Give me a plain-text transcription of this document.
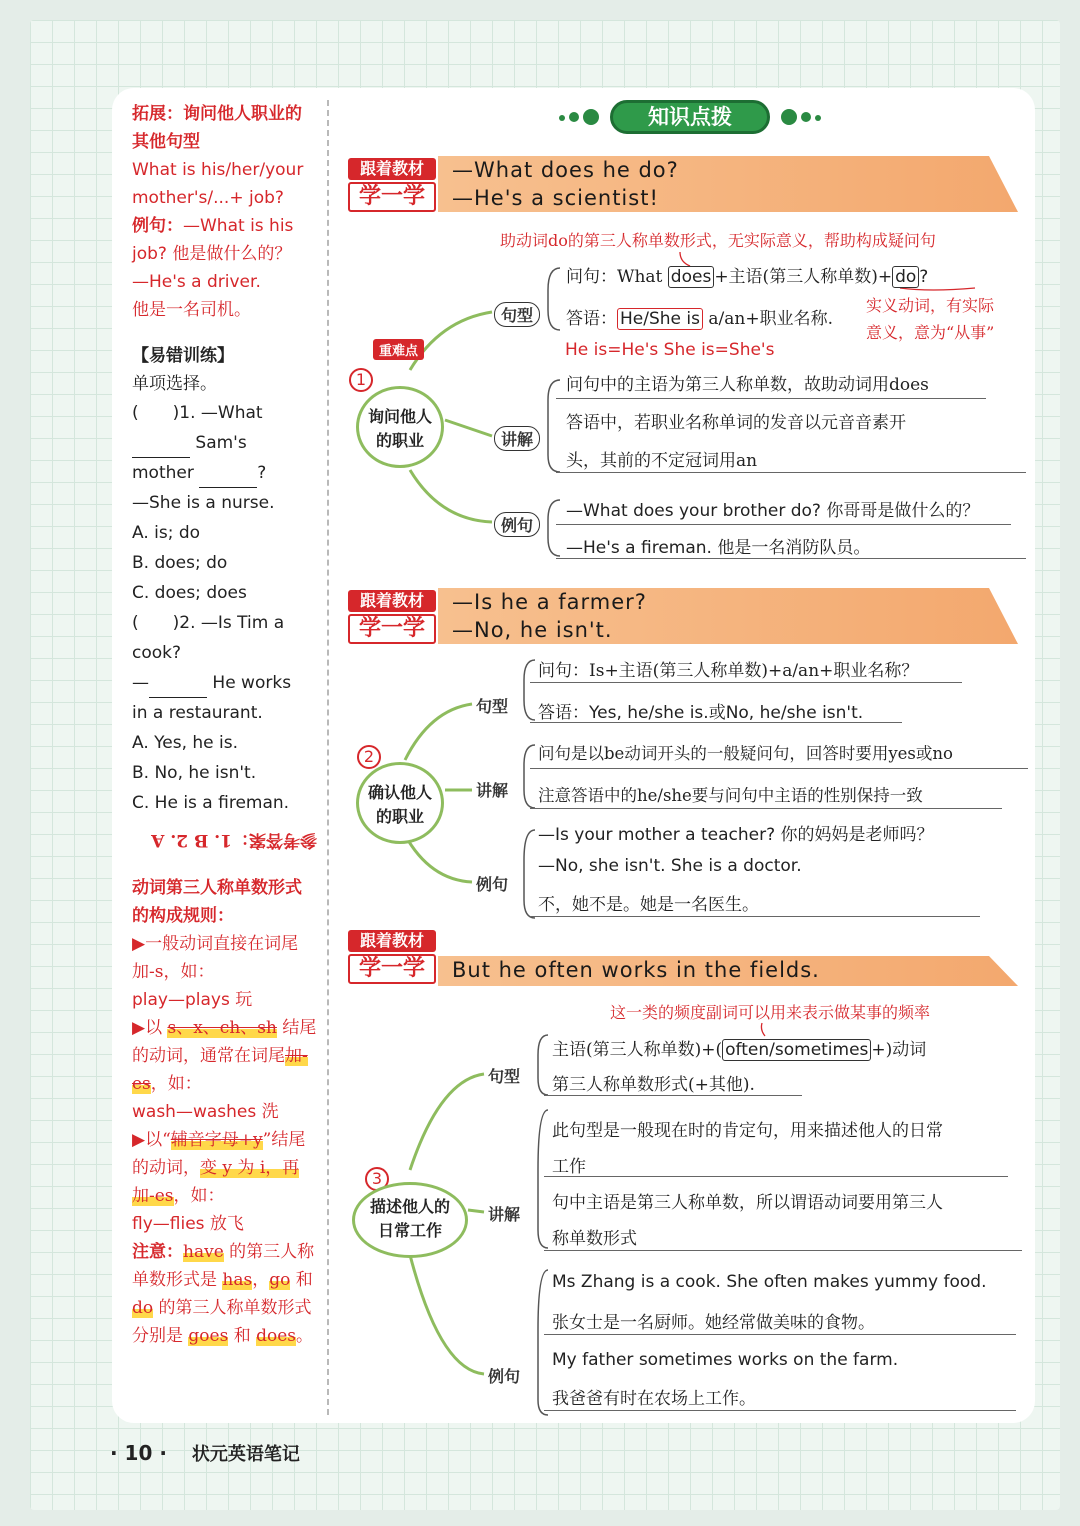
拓展：询问他人职业的其他句型
What is his/her/your mother's/...+ job?
例句：—What is his job? 他是做什么的？
—He's a driver.
他是一名司机。
【易错训练】
单项选择。
(　　)1. —What
Sam's
mother	?
—She is a nurse.
A. is; do
B. does; do
C. does; does
(　　)2. —Is Tim a
cook?
—	He works
in a restaurant.
A. Yes, he is.
B. No, he isn't.
C. He is a fireman.
参考答案：1. B 2. A
动词第三人称单数形式的构成规则：
▶一般动词直接在词尾加-s，如：
play—plays 玩
▶以 s、x、ch、sh 结尾的动词，通常在词尾加-es，如：
wash—washes 洗
▶以“辅音字母+y”结尾的动词，变 y 为 i，再加-es，如：
fly—flies 放飞
注意：have 的第三人称单数形式是 has，go 和 do 的第三人称单数形式分别是 goes 和 does。
知识点拨
跟着教材
学一学
—What does he do?
—He's a scientist!
助动词do的第三人称单数形式，无实际意义，帮助构成疑问句
问句：What does +主语(第三人称单数)+ do ?
答语： He/She is a/an+职业名称.
实义动词，有实际
意义，意为“从事”
He is=He's She is=She's
重难点
1
询问他人
的职业
句型
讲解
例句
问句中的主语为第三人称单数，故助动词用does
答语中，若职业名称单词的发音以元音音素开
头，其前的不定冠词用an
—What does your brother do? 你哥哥是做什么的？
—He's a fireman. 他是一名消防队员。
跟着教材
学一学
—Is he a farmer?
—No, he isn't.
问句：Is+主语(第三人称单数)+a/an+职业名称？
答语：Yes, he/she is.或No, he/she isn't.
2
确认他人
的职业
句型
讲解
例句
问句是以be动词开头的一般疑问句，回答时要用yes或no
注意答语中的he/she要与问句中主语的性别保持一致
—Is your mother a teacher? 你的妈妈是老师吗？
—No, she isn't. She is a doctor.
不，她不是。她是一名医生。
跟着教材
学一学	But he often works in the fields.
这一类的频度副词可以用来表示做某事的频率
主语(第三人称单数)+( often/sometimes +)动词
第三人称单数形式(+其他).
3
描述他人的
日常工作
句型
讲解
例句
此句型是一般现在时的肯定句，用来描述他人的日常
工作
句中主语是第三人称单数，所以谓语动词要用第三人
称单数形式
Ms Zhang is a cook. She often makes yummy food.
张女士是一名厨师。她经常做美味的食物。
My father sometimes works on the farm.
我爸爸有时在农场上工作。
· 10 · 状元英语笔记
